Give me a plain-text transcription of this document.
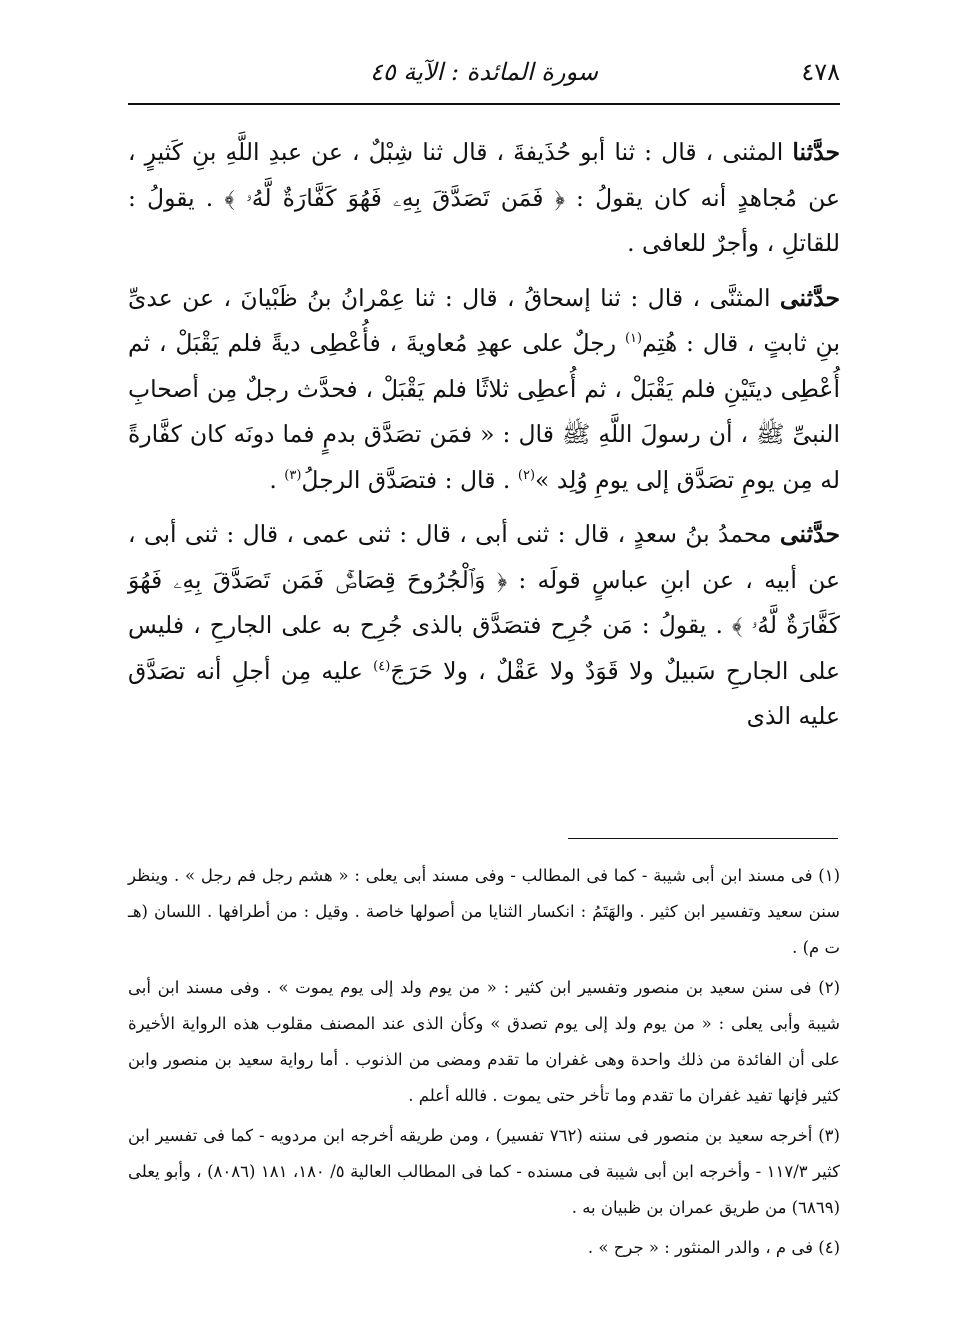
٤٧٨
سورة المائدة : الآية ٤٥

حدَّثنا المثنى ، قال : ثنا أبو حُذَيفةَ ، قال ثنا شِبْلٌ ، عن عبدِ اللَّهِ بنِ كَثيرٍ ، عن مُجاهدٍ أنه كان يقولُ : ﴿ فَمَن تَصَدَّقَ بِهِۦ فَهُوَ كَفَّارَةٌ لَّهُۥ ﴾ . يقولُ : للقاتلِ ، وأجرٌ للعافى .

حدَّثنى المثنَّى ، قال : ثنا إسحاقُ ، قال : ثنا عِمْرانُ بنُ ظَبْيانَ ، عن عدىِّ بنِ ثابتٍ ، قال : هُتِم$^{(١)}$ رجلٌ على عهدِ مُعاويةَ ، فأُعْطِى ديةً فلم يَقْبَلْ ، ثم أُعْطِى ديتَيْنِ فلم يَقْبَلْ ، ثم أُعطِى ثلاثًا فلم يَقْبَلْ ، فحدَّث رجلٌ مِن أصحابِ النبىِّ ﷺ ، أن رسولَ اللَّهِ ﷺ قال : « فمَن تصَدَّق بدمٍ فما دونَه كان كفَّارةً له مِن يومِ تصَدَّق إلى يومِ وُلِد »$^{(٢)}$ . قال : فتصَدَّق الرجلُ$^{(٣)}$ .

حدَّثنى محمدُ بنُ سعدٍ ، قال : ثنى أبى ، قال : ثنى عمى ، قال : ثنى أبى ، عن أبيه ، عن ابنِ عباسٍ قولَه : ﴿ وَٱلْجُرُوحَ قِصَاصٌۚ فَمَن تَصَدَّقَ بِهِۦ فَهُوَ كَفَّارَةٌ لَّهُۥ ﴾ . يقولُ : مَن جُرِح فتصَدَّق بالذى جُرِح به على الجارحِ ، فليس على الجارحِ سَبيلٌ ولا قَوَدٌ ولا عَقْلٌ ، ولا حَرَجَ$^{(٤)}$ عليه مِن أجلِ أنه تصَدَّق عليه الذى

(١) فى مسند ابن أبى شيبة - كما فى المطالب - وفى مسند أبى يعلى : « هشم رجل فم رجل » . وينظر سنن سعيد وتفسير ابن كثير . والهَتَمُ : انكسار الثنايا من أصولها خاصة . وقيل : من أطرافها . اللسان (هـ ت م) .

(٢) فى سنن سعيد بن منصور وتفسير ابن كثير : « من يوم ولد إلى يوم يموت » . وفى مسند ابن أبى شيبة وأبى يعلى : « من يوم ولد إلى يوم تصدق » وكأن الذى عند المصنف مقلوب هذه الرواية الأخيرة على أن الفائدة من ذلك واحدة وهى غفران ما تقدم ومضى من الذنوب . أما رواية سعيد بن منصور وابن كثير فإنها تفيد غفران ما تقدم وما تأخر حتى يموت . فالله أعلم .

(٣) أخرجه سعيد بن منصور فى سننه (٧٦٢ تفسير) ، ومن طريقه أخرجه ابن مردويه - كما فى تفسير ابن كثير ١١٧/٣ - وأخرجه ابن أبى شيبة فى مسنده - كما فى المطالب العالية ٥/ ١٨٠، ١٨١ (٨٠٨٦) ، وأبو يعلى (٦٨٦٩) من طريق عمران بن ظبيان به .

(٤) فى م ، والدر المنثور : « جرح » .
